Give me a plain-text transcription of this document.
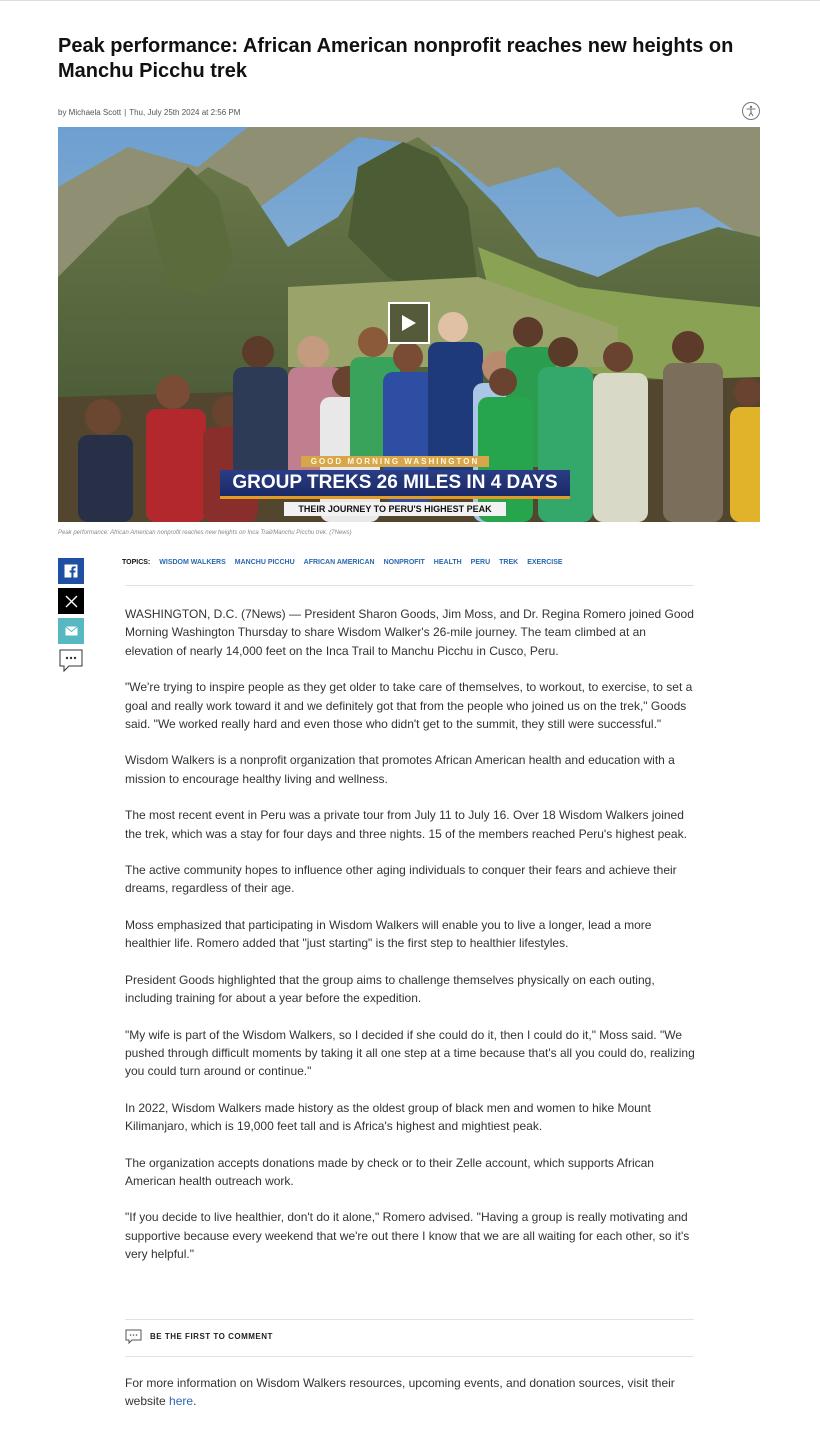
Peak performance: African American nonprofit reaches new heights on Manchu Picchu trek
by Michaela Scott | Thu, July 25th 2024 at 2:56 PM
GOOD MORNING WASHINGTON
GROUP TREKS 26 MILES IN 4 DAYS
THEIR JOURNEY TO PERU'S HIGHEST PEAK
Peak performance: African American nonprofit reaches new heights on Inca Trail/Manchu Picchu trek. (7News)
TOPICS: WISDOM WALKERS MANCHU PICCHU AFRICAN AMERICAN NONPROFIT HEALTH PERU TREK EXERCISE

WASHINGTON, D.C. (7News) — President Sharon Goods, Jim Moss, and Dr. Regina Romero joined Good Morning Washington Thursday to share Wisdom Walker's 26-mile journey. The team climbed at an elevation of nearly 14,000 feet on the Inca Trail to Manchu Picchu in Cusco, Peru.

"We're trying to inspire people as they get older to take care of themselves, to workout, to exercise, to set a goal and really work toward it and we definitely got that from the people who joined us on the trek," Goods said. "We worked really hard and even those who didn't get to the summit, they still were successful."

Wisdom Walkers is a nonprofit organization that promotes African American health and education with a mission to encourage healthy living and wellness.

The most recent event in Peru was a private tour from July 11 to July 16. Over 18 Wisdom Walkers joined the trek, which was a stay for four days and three nights. 15 of the members reached Peru's highest peak.

The active community hopes to influence other aging individuals to conquer their fears and achieve their dreams, regardless of their age.

Moss emphasized that participating in Wisdom Walkers will enable you to live a longer, lead a more healthier life. Romero added that "just starting" is the first step to healthier lifestyles.

President Goods highlighted that the group aims to challenge themselves physically on each outing, including training for about a year before the expedition.

"My wife is part of the Wisdom Walkers, so I decided if she could do it, then I could do it," Moss said. "We pushed through difficult moments by taking it all one step at a time because that's all you could do, realizing you could turn around or continue."

In 2022, Wisdom Walkers made history as the oldest group of black men and women to hike Mount Kilimanjaro, which is 19,000 feet tall and is Africa's highest and mightiest peak.

The organization accepts donations made by check or to their Zelle account, which supports African American health outreach work.

"If you decide to live healthier, don't do it alone," Romero advised. "Having a group is really motivating and supportive because every weekend that we're out there I know that we are all waiting for each other, so it's very helpful."

BE THE FIRST TO COMMENT
For more information on Wisdom Walkers resources, upcoming events, and donation sources, visit their website here.
